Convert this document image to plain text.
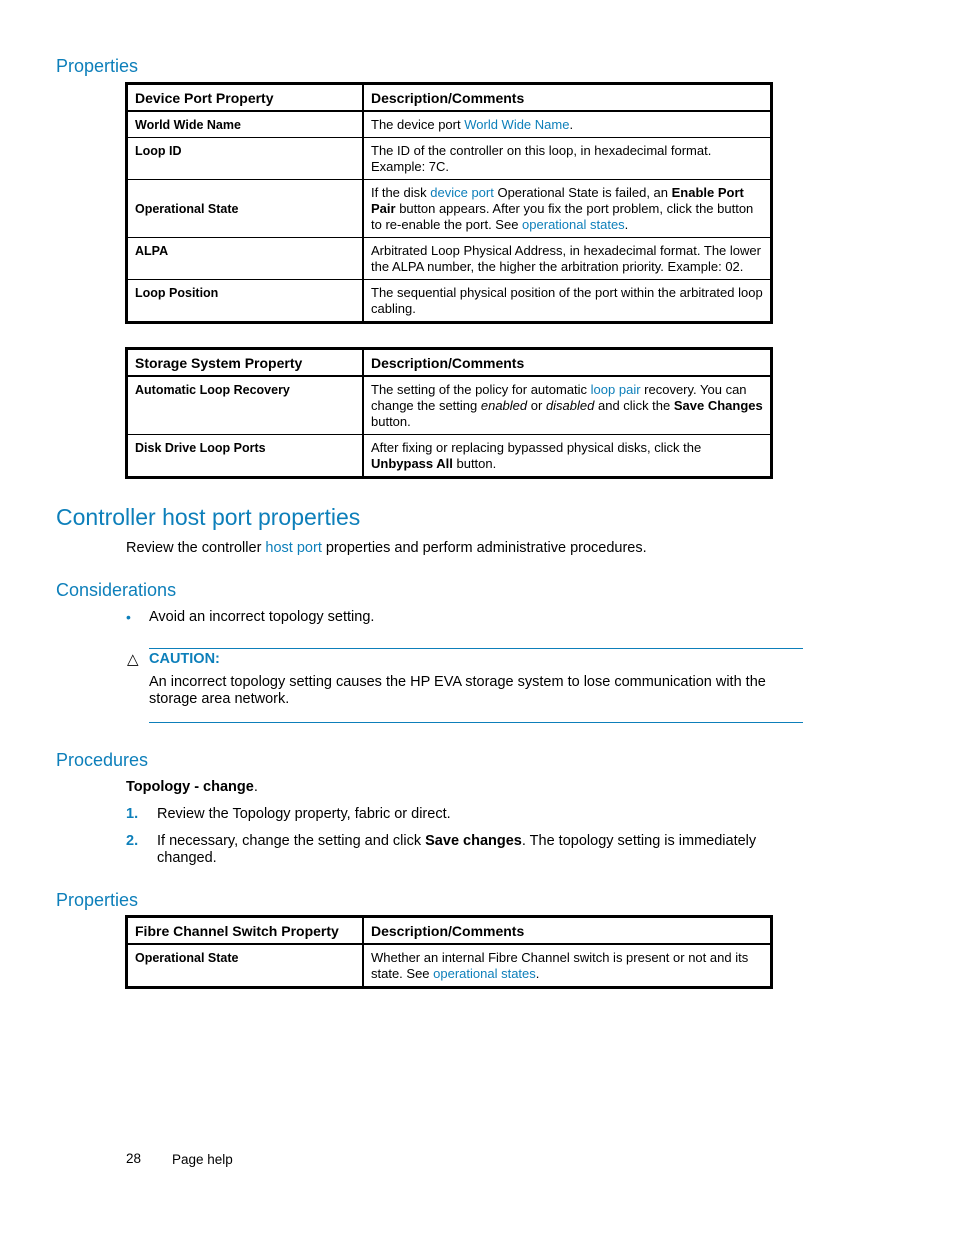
Properties
Device Port Property	Description/Comments
World Wide Name	The device port World Wide Name.
Loop ID	The ID of the controller on this loop, in hexadecimal format. Example: 7C.
Operational State	If the disk device port Operational State is failed, an Enable Port Pair button appears. After you fix the port problem, click the button to re-enable the port. See operational states.
ALPA	Arbitrated Loop Physical Address, in hexadecimal format. The lower the ALPA number, the higher the arbitration priority. Example: 02.
Loop Position	The sequential physical position of the port within the arbitrated loop cabling.
Storage System Property	Description/Comments
Automatic Loop Recovery	The setting of the policy for automatic loop pair recovery. You can change the setting enabled or disabled and click the Save Changes button.
Disk Drive Loop Ports	After fixing or replacing bypassed physical disks, click the Unbypass All button.
Controller host port properties
Review the controller host port properties and perform administrative procedures.
Considerations
• Avoid an incorrect topology setting.
△ CAUTION:
An incorrect topology setting causes the HP EVA storage system to lose communication with the storage area network.
Procedures
Topology - change.
1. Review the Topology property, fabric or direct.
2. If necessary, change the setting and click Save changes. The topology setting is immediately changed.
Properties
Fibre Channel Switch Property	Description/Comments
Operational State	Whether an internal Fibre Channel switch is present or not and its state. See operational states.
28 Page help
